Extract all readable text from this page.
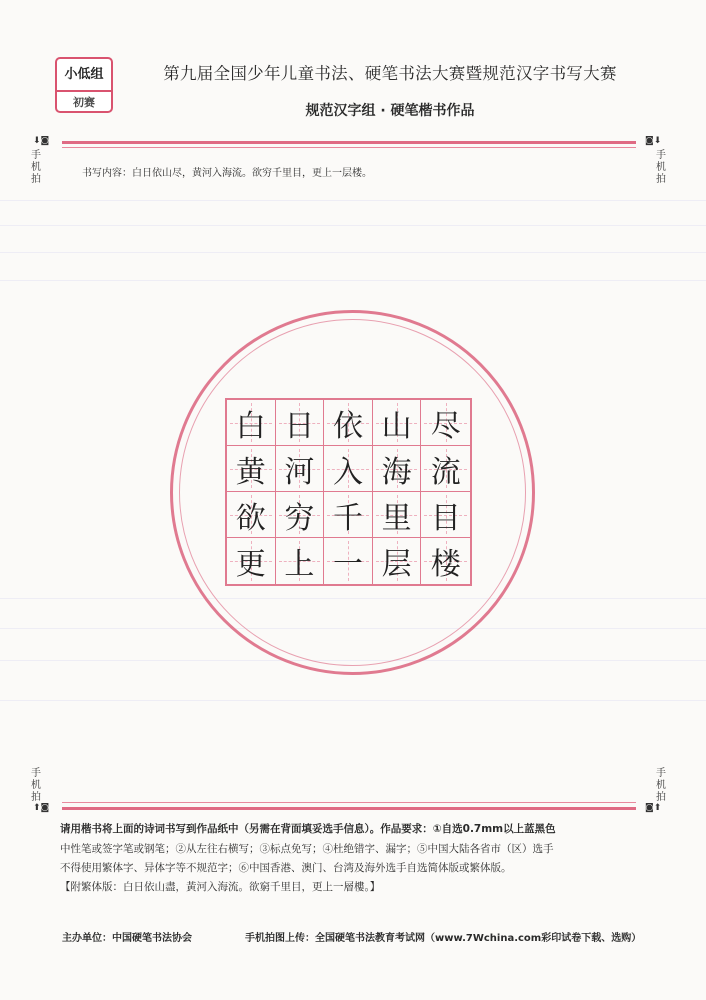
小低组
初赛
第九届全国少年儿童书法、硬笔书法大赛暨规范汉字书写大赛
规范汉字组 · 硬笔楷书作品
⬇◙	◙⬇
手机拍
手机拍
书写内容：白日依山尽，黄河入海流。欲穷千里目，更上一层楼。
白 日 依 山 尽
黄 河 入 海 流
欲 穷 千 里 目
更 上 一 层 楼
手机拍
手机拍
⬆◙	◙⬆
请用楷书将上面的诗词书写到作品纸中（另需在背面填妥选手信息）。作品要求：①自选0.7mm以上蓝黑色
中性笔或签字笔或钢笔；②从左往右横写；③标点免写；④杜绝错字、漏字；⑤中国大陆各省市（区）选手
不得使用繁体字、异体字等不规范字；⑥中国香港、澳门、台湾及海外选手自选简体版或繁体版。
【附繁体版：白日依山盡，黃河入海流。欲窮千里目，更上一層樓。】
主办单位：中国硬笔书法协会	手机拍图上传：全国硬笔书法教育考试网（www.7Wchina.com彩印试卷下载、选购）
